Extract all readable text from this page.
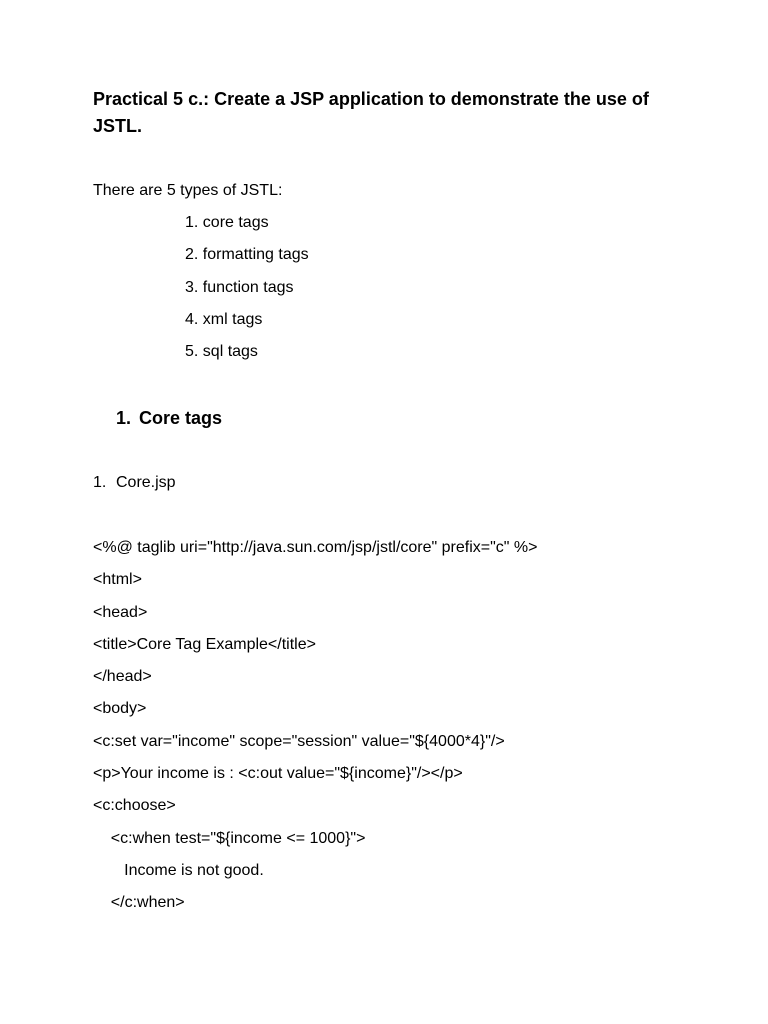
Practical 5 c.: Create a JSP application to demonstrate the use of JSTL.

There are 5 types of JSTL:

1. core tags
2. formatting tags
3. function tags
4. xml tags
5. sql tags
1. Core tags

1. Core.jsp

<%@ taglib uri="http://java.sun.com/jsp/jstl/core" prefix="c" %>
<html>
<head>
<title>Core Tag Example</title>
</head>
<body>
<c:set var="income" scope="session" value="${4000*4}"/>
<p>Your income is : <c:out value="${income}"/></p>
<c:choose>
<c:when test="${income <= 1000}">
Income is not good.
</c:when>
